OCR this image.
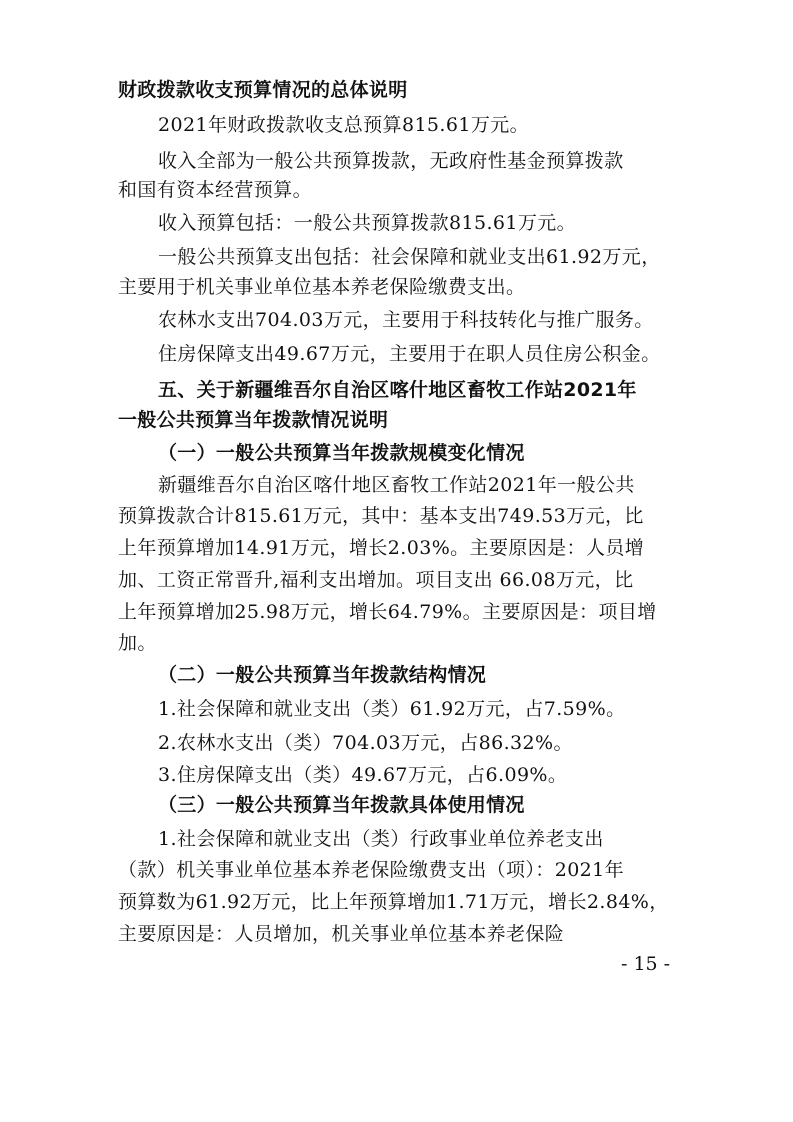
财政拨款收支预算情况的总体说明
2021年财政拨款收支总预算815.61万元。
收入全部为一般公共预算拨款，无政府性基金预算拨款
和国有资本经营预算。
收入预算包括：一般公共预算拨款815.61万元。
一般公共预算支出包括：社会保障和就业支出61.92万元，
主要用于机关事业单位基本养老保险缴费支出。
农林水支出704.03万元，主要用于科技转化与推广服务。
住房保障支出49.67万元，主要用于在职人员住房公积金。
五、关于新疆维吾尔自治区喀什地区畜牧工作站2021年
一般公共预算当年拨款情况说明
（一）一般公共预算当年拨款规模变化情况
新疆维吾尔自治区喀什地区畜牧工作站2021年一般公共
预算拨款合计815.61万元，其中：基本支出749.53万元，比
上年预算增加14.91万元，增长2.03%。主要原因是：人员增
加、工资正常晋升,福利支出增加。项目支出 66.08万元，比
上年预算增加25.98万元，增长64.79%。主要原因是：项目增
加。
（二）一般公共预算当年拨款结构情况
1.社会保障和就业支出（类）61.92万元，占7.59%。
2.农林水支出（类）704.03万元，占86.32%。
3.住房保障支出（类）49.67万元，占6.09%。
（三）一般公共预算当年拨款具体使用情况
1.社会保障和就业支出（类）行政事业单位养老支出
（款）机关事业单位基本养老保险缴费支出（项）：2021年
预算数为61.92万元，比上年预算增加1.71万元，增长2.84%，
主要原因是：人员增加，机关事业单位基本养老保险
- 15 -
